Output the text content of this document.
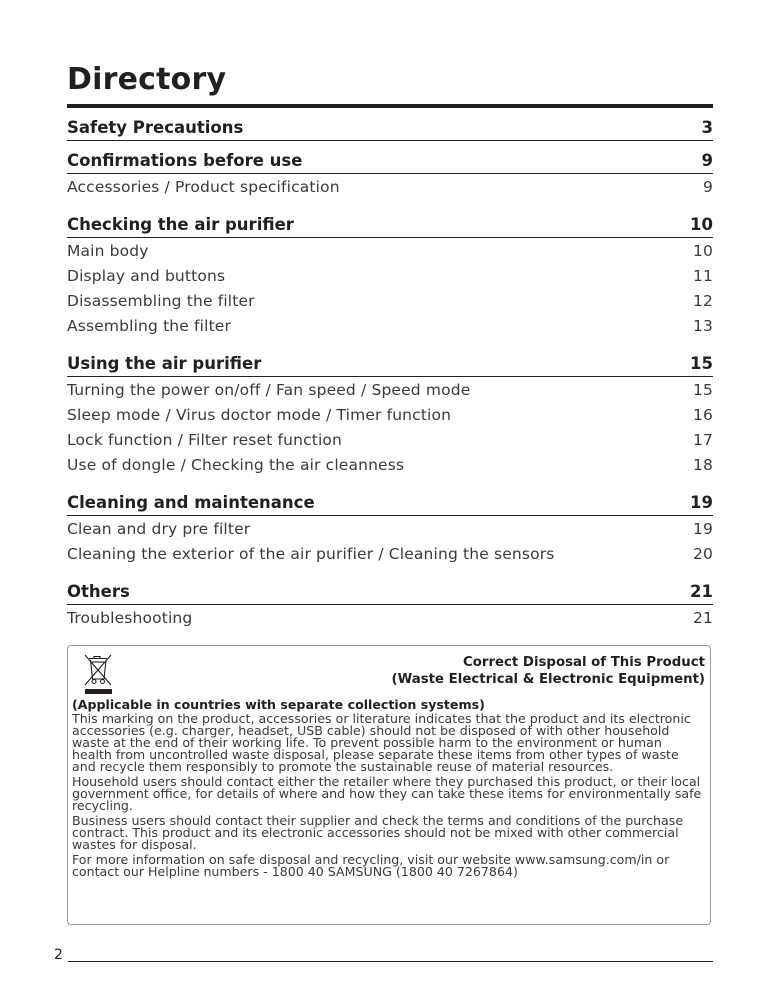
Directory
Safety Precautions	3
Confirmations before use	9
Accessories / Product specification	9
Checking the air purifier	10
Main body	10
Display and buttons	11
Disassembling the filter	12
Assembling the filter	13
Using the air purifier	15
Turning the power on/off / Fan speed / Speed mode	15
Sleep mode / Virus doctor mode / Timer function	16
Lock function / Filter reset function	17
Use of dongle / Checking the air cleanness	18
Cleaning and maintenance	19
Clean and dry pre filter	19
Cleaning the exterior of the air purifier / Cleaning the sensors	20
Others	21
Troubleshooting	21
Correct Disposal of This Product
(Waste Electrical & Electronic Equipment)

(Applicable in countries with separate collection systems)

This marking on the product, accessories or literature indicates that the product and its electronic accessories (e.g. charger, headset, USB cable) should not be disposed of with other household waste at the end of their working life. To prevent possible harm to the environment or human health from uncontrolled waste disposal, please separate these items from other types of waste and recycle them responsibly to promote the sustainable reuse of material resources.

Household users should contact either the retailer where they purchased this product, or their local government office, for details of where and how they can take these items for environmentally safe recycling.

Business users should contact their supplier and check the terms and conditions of the purchase contract. This product and its electronic accessories should not be mixed with other commercial wastes for disposal.

For more information on safe disposal and recycling, visit our website www.samsung.com/in or contact our Helpline numbers - 1800 40 SAMSUNG (1800 40 7267864)

2
